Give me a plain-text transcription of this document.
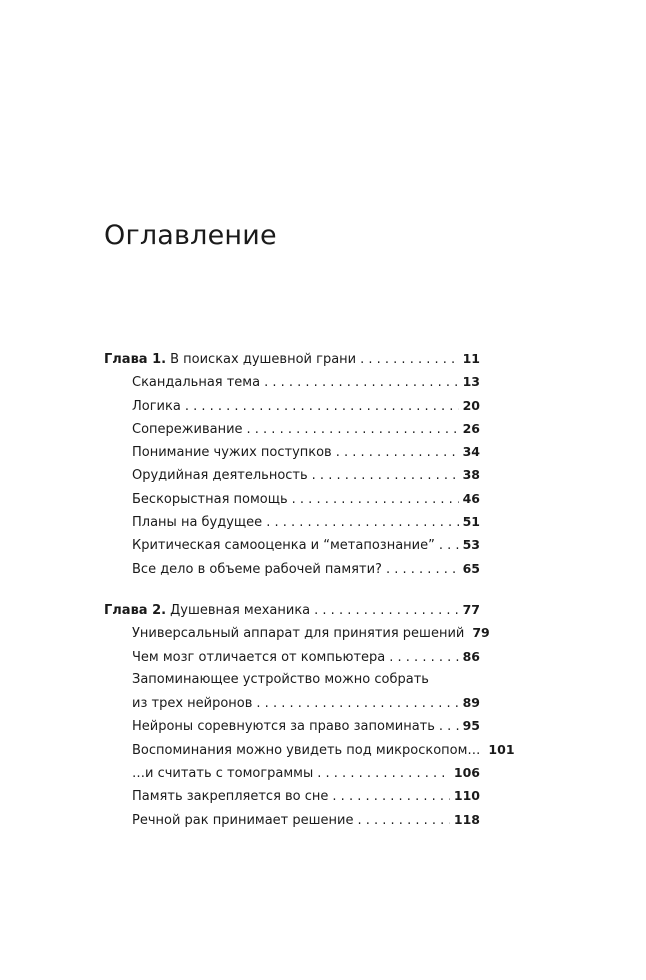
Оглавление
Глава 1. В поисках душевной грани . . .	11
Скандальная тема . . .	13
Логика . . .	20
Сопереживание . . .	26
Понимание чужих поступков . . .	34
Орудийная деятельность . . .	38
Бескорыстная помощь . . .	46
Планы на будущее . . .	51
Критическая самооценка и “метапознание” . . . 53
Все дело в объеме рабочей памяти? . . .	65
Глава 2. Душевная механика . . .	77
Универсальный аппарат для принятия решений 79
Чем мозг отличается от компьютера . . .	86
Запоминающее устройство можно собрать
из трех нейронов . . .	89
Нейроны соревнуются за право запоминать . . . 95
Воспоминания можно увидеть под микроскопом… 101
…и считать с томограммы . . .	106
Память закрепляется во сне . . .	110
Речной рак принимает решение . . .	118
